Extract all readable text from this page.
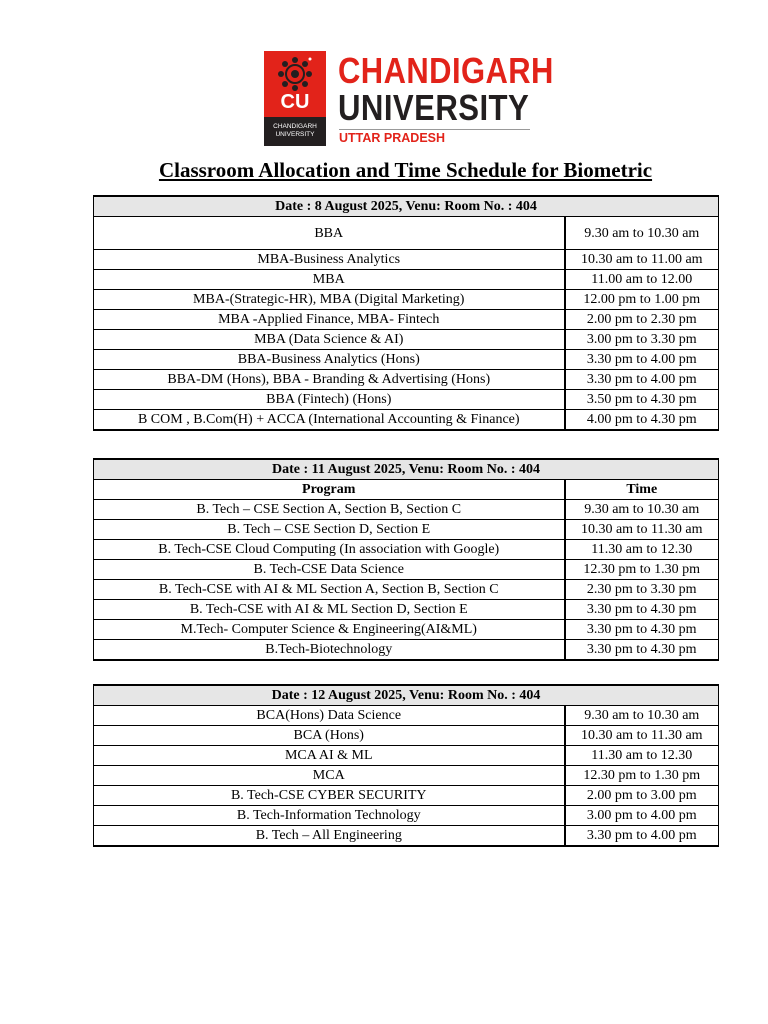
CU
CHANDIGARH
UNIVERSITY
CHANDIGARH
UNIVERSITY
UTTAR PRADESH
Classroom Allocation and Time Schedule for Biometric
Date : 8 August 2025, Venu: Room No. : 404	
BBA	9.30 am to 10.30 am
MBA-Business Analytics	10.30 am to 11.00 am
MBA	11.00 am to 12.00
MBA-(Strategic-HR), MBA (Digital Marketing)	12.00 pm to 1.00 pm
MBA -Applied Finance, MBA- Fintech	2.00 pm to 2.30 pm
MBA (Data Science & AI)	3.00 pm to 3.30 pm
BBA-Business Analytics (Hons)	3.30 pm to 4.00 pm
BBA-DM (Hons), BBA - Branding & Advertising (Hons)	3.30 pm to 4.00 pm
BBA (Fintech) (Hons)	3.50 pm to 4.30 pm
B COM , B.Com(H) + ACCA (International Accounting & Finance)	4.00 pm to 4.30 pm
Date : 11 August 2025, Venu: Room No. : 404	
Program	Time
B. Tech – CSE Section A, Section B, Section C	9.30 am to 10.30 am
B. Tech – CSE Section D, Section E	10.30 am to 11.30 am
B. Tech-CSE Cloud Computing (In association with Google)	11.30 am to 12.30
B. Tech-CSE Data Science	12.30 pm to 1.30 pm
B. Tech-CSE with AI & ML Section A, Section B, Section C	2.30 pm to 3.30 pm
B. Tech-CSE with AI & ML Section D, Section E	3.30 pm to 4.30 pm
M.Tech- Computer Science & Engineering(AI&ML)	3.30 pm to 4.30 pm
B.Tech-Biotechnology	3.30 pm to 4.30 pm
Date : 12 August 2025, Venu: Room No. : 404	
BCA(Hons) Data Science	9.30 am to 10.30 am
BCA (Hons)	10.30 am to 11.30 am
MCA AI & ML	11.30 am to 12.30
MCA	12.30 pm to 1.30 pm
B. Tech-CSE CYBER SECURITY	2.00 pm to 3.00 pm
B. Tech-Information Technology	3.00 pm to 4.00 pm
B. Tech – All Engineering	3.30 pm to 4.00 pm
